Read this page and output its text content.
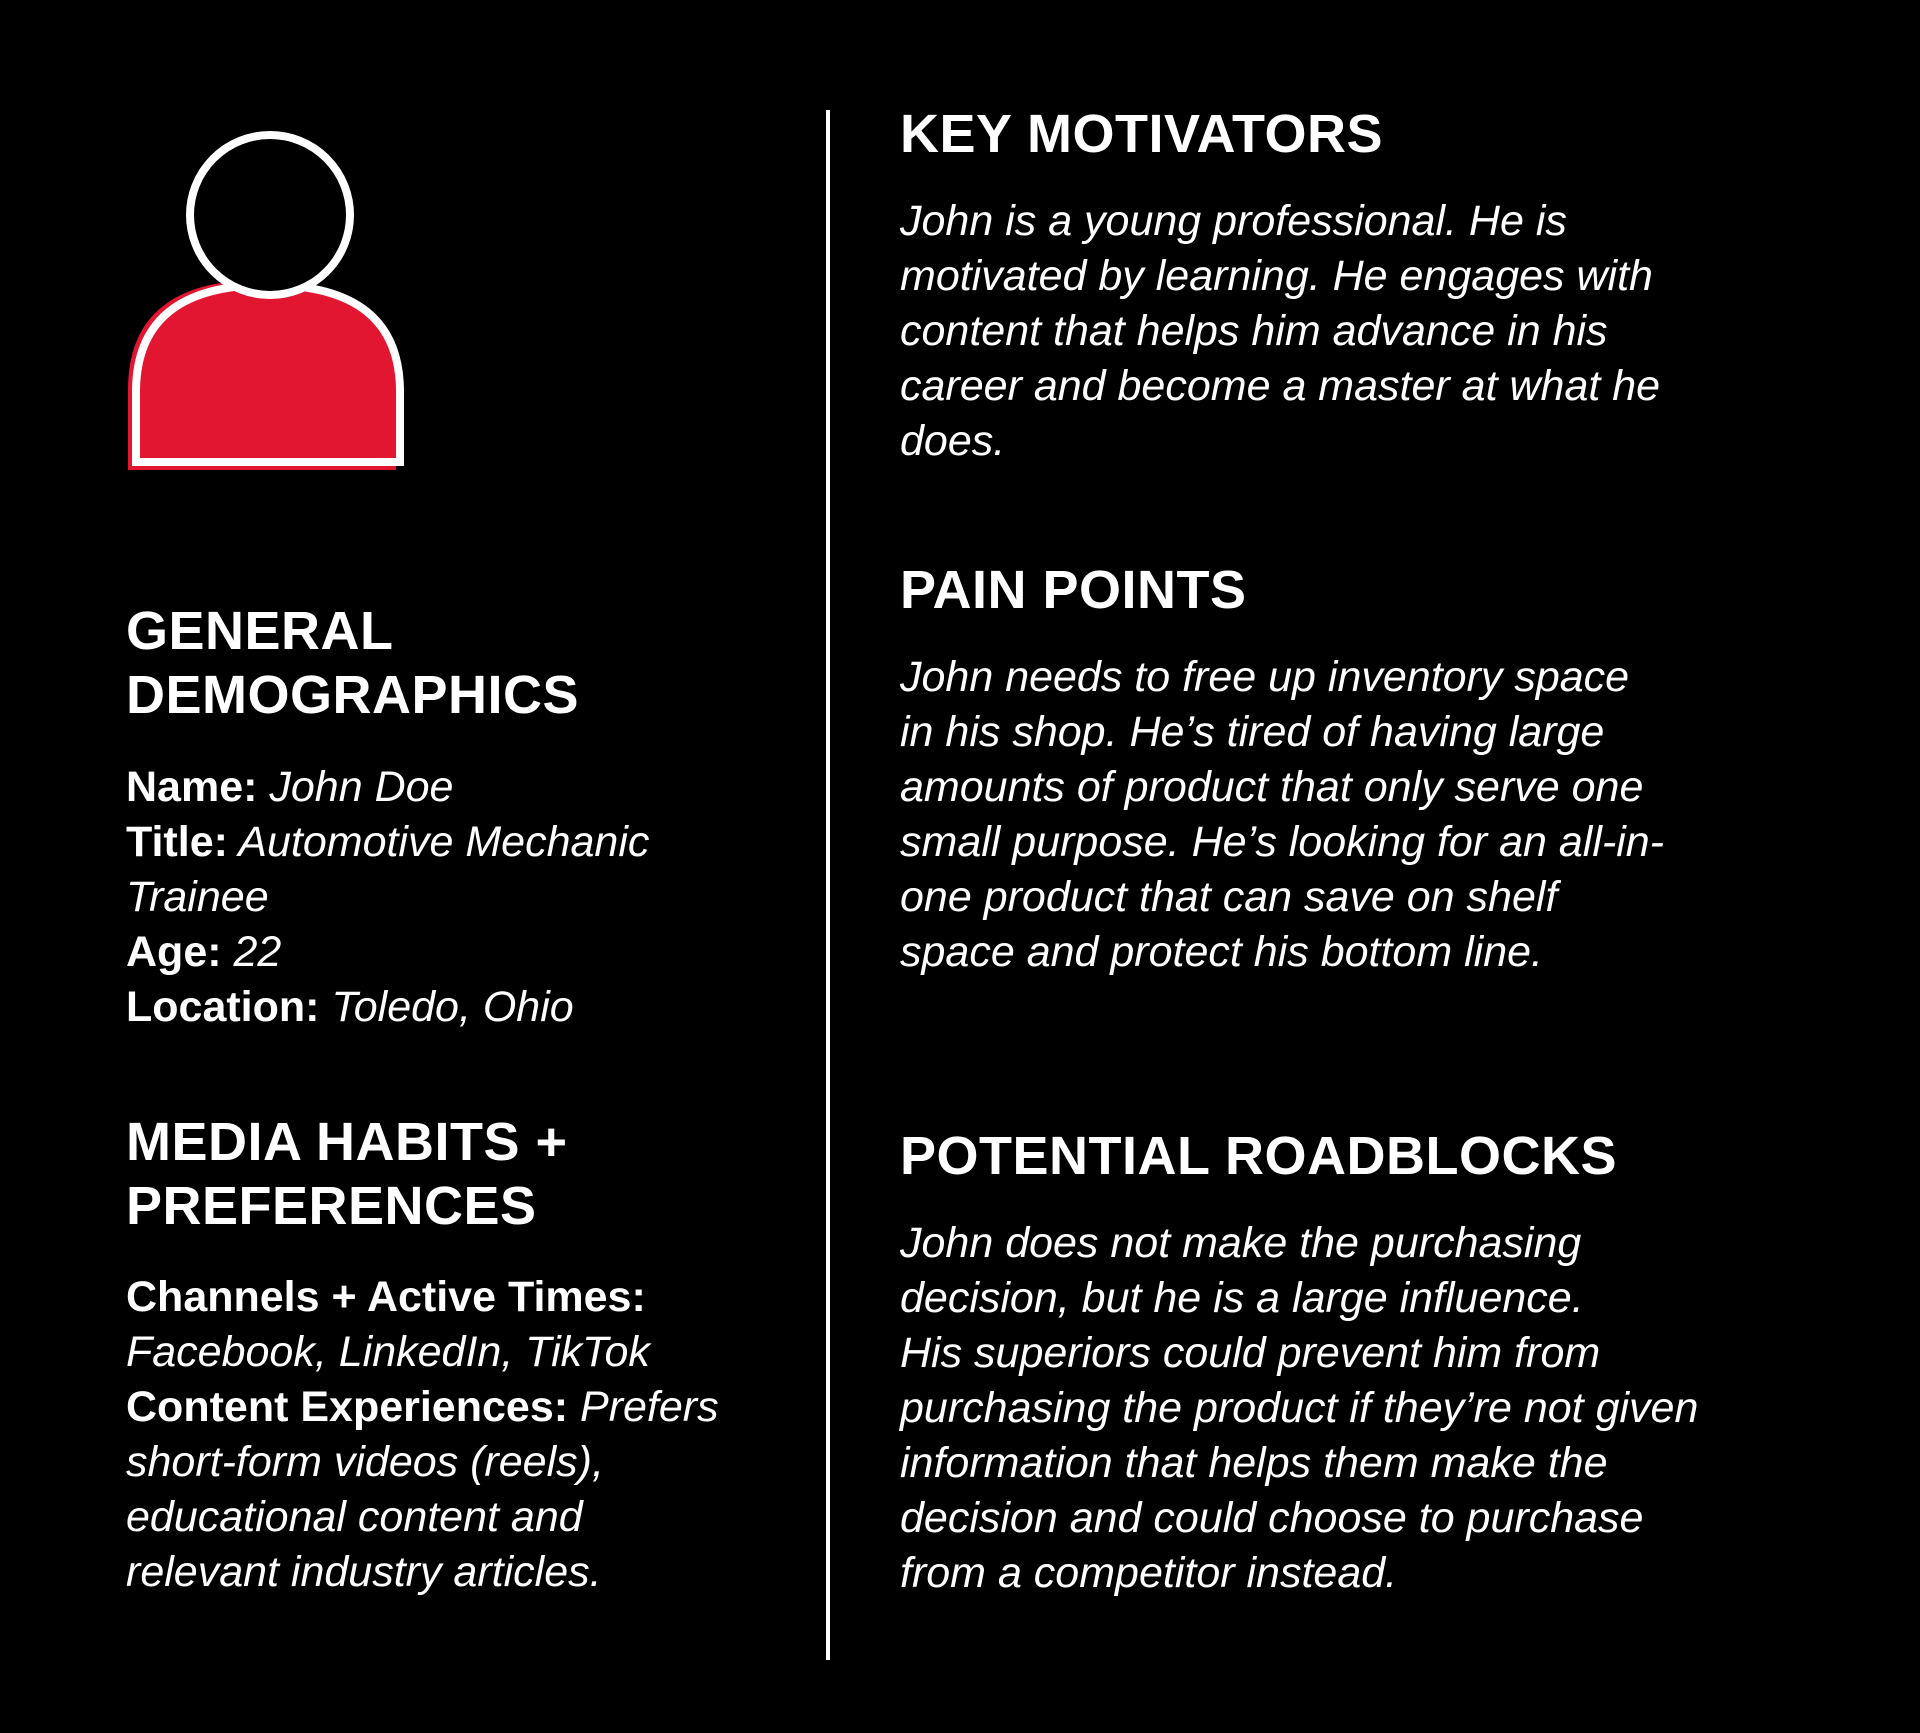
GENERAL
DEMOGRAPHICS
Name: John Doe
Title: Automotive Mechanic
Trainee
Age: 22
Location: Toledo, Ohio
MEDIA HABITS +
PREFERENCES
Channels + Active Times:
Facebook, LinkedIn, TikTok
Content Experiences: Prefers
short-form videos (reels),
educational content and
relevant industry articles.
KEY MOTIVATORS
John is a young professional. He is
motivated by learning. He engages with
content that helps him advance in his
career and become a master at what he
does.
PAIN POINTS
John needs to free up inventory space
in his shop. He’s tired of having large
amounts of product that only serve one
small purpose. He’s looking for an all-in-
one product that can save on shelf
space and protect his bottom line.
POTENTIAL ROADBLOCKS
John does not make the purchasing
decision, but he is a large influence.
His superiors could prevent him from
purchasing the product if they’re not given
information that helps them make the
decision and could choose to purchase
from a competitor instead.
